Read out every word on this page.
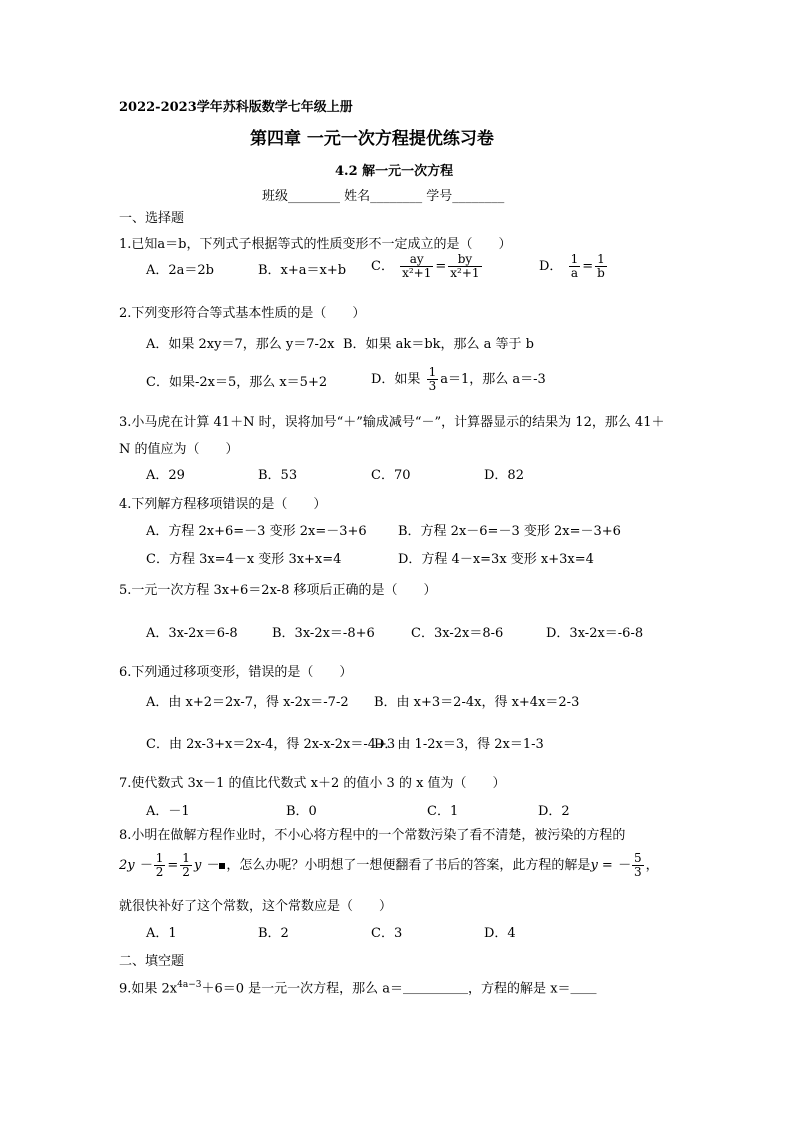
2022-2023学年苏科版数学七年级上册
第四章 一元一次方程提优练习卷
4.2 解一元一次方程
班级________ 姓名________ 学号________
一、选择题
1.已知a＝b，下列式子根据等式的性质变形不一定成立的是（　　）
A．2a＝2b	B．x+a＝x+b C． $\frac{ay}{\text{x²+1}} = \frac{by}{\text{x²+1}}$	D． $\frac{1}{a} = \frac{1}{b}$
2.下列变形符合等式基本性质的是（　　）
A．如果 2xy＝7，那么 y＝7-2x B．如果 ak＝bk，那么 a 等于 b
C．如果-2x＝5，那么 x＝5+2	D．如果 $\frac{1}{3} a=1$，那么 a＝-3
3.小马虎在计算 41＋N 时，误将加号“＋”输成减号“－”，计算器显示的结果为 12，那么 41＋
N 的值应为（　　）
A．29	B．53	C．70	D．82
4.下列解方程移项错误的是（　　）
A．方程 2x+6=－3 变形 2x=－3+6 B．方程 2x－6=－3 变形 2x=－3+6
C．方程 3x=4－x 变形 3x+x=4	D．方程 4－x=3x 变形 x+3x=4
5.一元一次方程 3x+6＝2x-8 移项后正确的是（　　）
A．3x-2x＝6-8	B．3x-2x＝-8+6	C．3x-2x＝8-6	D．3x-2x＝-6-8
6.下列通过移项变形，错误的是（　　）
A．由 x+2＝2x-7，得 x-2x＝-7-2 B．由 x+3＝2-4x，得 x+4x＝2-3
C．由 2x-3+x＝2x-4，得 2x-x-2x＝-4+3
D．由 1-2x＝3，得 2x＝1-3
7.使代数式 3x－1 的值比代数式 x＋2 的值小 3 的 x 值为（　　）
A．－1	B．0	C．1	D．2
8.小明在做解方程作业时，不小心将方程中的一个常数污染了看不清楚，被污染的方程的
$2y - \frac{1}{2} = \frac{1}{2}$ y － ，怎么办呢？小明想了一想便翻看了书后的答案，此方程的解是y = － $\frac{5}{3}$ ，
就很快补好了这个常数，这个常数应是（　　）
A．1	B．2	C．3	D．4
二、填空题
9.如果 $2x^{4a-3}+6=0$ 是一元一次方程，那么 a＝＿＿＿＿＿，方程的解是 x＝＿＿
